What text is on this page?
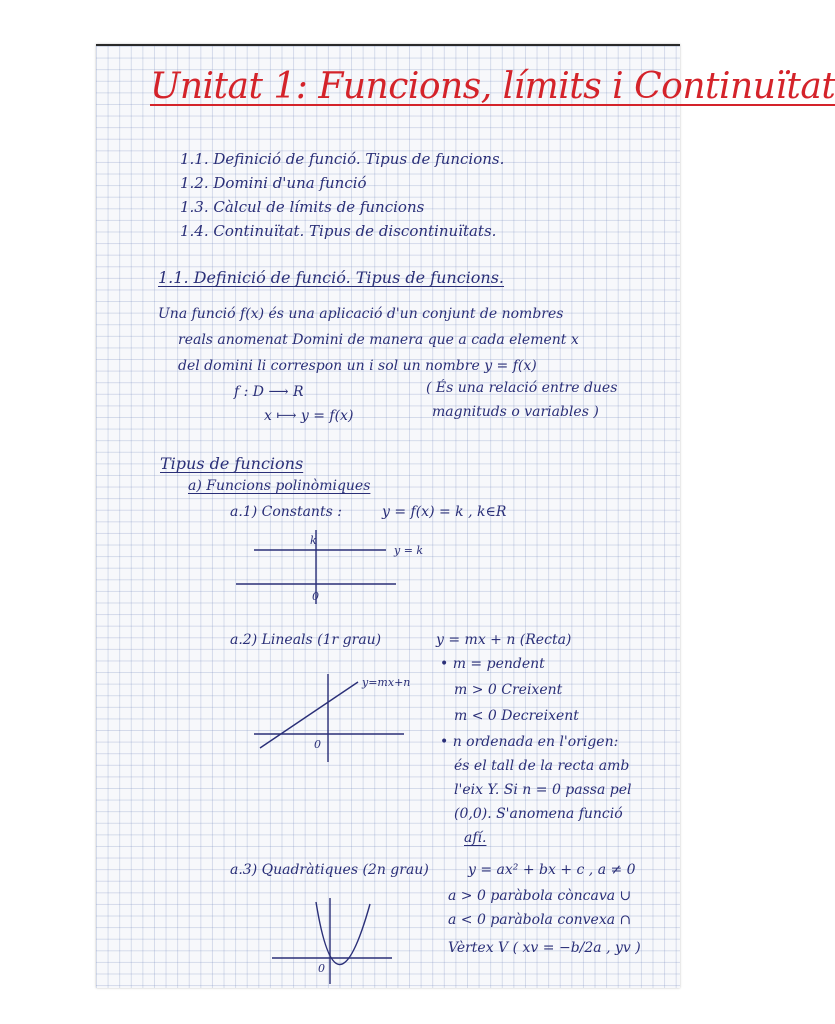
Unitat 1: Funcions, límits i Continuïtat
1.1. Definició de funció. Tipus de funcions.
1.2. Domini d'una funció
1.3. Càlcul de límits de funcions
1.4. Continuïtat. Tipus de discontinuïtats.
1.1. Definició de funció. Tipus de funcions.
Una funció f(x) és una aplicació d'un conjunt de nombres
reals anomenat Domini de manera que a cada element x
del domini li correspon un i sol un nombre y = f(x)
f : D ⟶ R
x ⟼ y = f(x)
( És una relació entre dues
magnituds o variables )
Tipus de funcions
a) Funcions polinòmiques
a.1) Constants :	y = f(x) = k , k∈R
k
y = k
0
a.2) Lineals (1r grau)	y = mx + n (Recta)
y=mx+n
0
• m = pendent
m > 0 Creixent
m < 0 Decreixent
• n ordenada en l'origen:
és el tall de la recta amb
l'eix Y. Si n = 0 passa pel
(0,0). S'anomena funció
afí.
a.3) Quadràtiques (2n grau)	y = ax² + bx + c , a ≠ 0
a > 0 paràbola còncava ∪
a < 0 paràbola convexa ∩
Vèrtex V ( xv = −b/2a , yv )
0
